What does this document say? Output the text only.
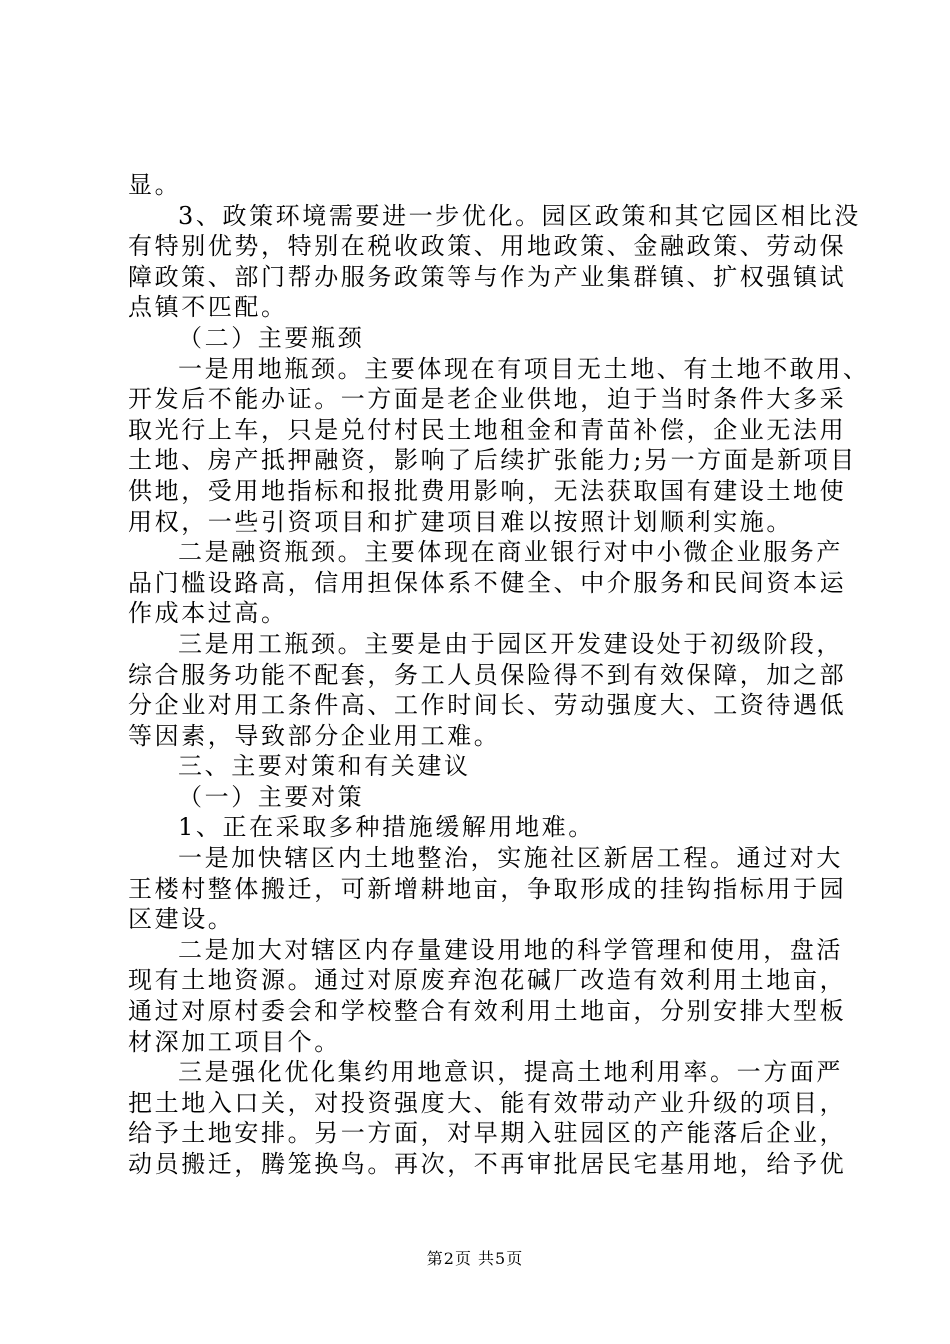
显。
3、政策环境需要进一步优化。园区政策和其它园区相比没
有特别优势，特别在税收政策、用地政策、金融政策、劳动保
障政策、部门帮办服务政策等与作为产业集群镇、扩权强镇试
点镇不匹配。
（二）主要瓶颈
一是用地瓶颈。主要体现在有项目无土地、有土地不敢用、
开发后不能办证。一方面是老企业供地，迫于当时条件大多采
取光行上车，只是兑付村民土地租金和青苗补偿，企业无法用
土地、房产抵押融资，影响了后续扩张能力;另一方面是新项目
供地，受用地指标和报批费用影响，无法获取国有建设土地使
用权，一些引资项目和扩建项目难以按照计划顺利实施。
二是融资瓶颈。主要体现在商业银行对中小微企业服务产
品门槛设路高，信用担保体系不健全、中介服务和民间资本运
作成本过高。
三是用工瓶颈。主要是由于园区开发建设处于初级阶段，
综合服务功能不配套，务工人员保险得不到有效保障，加之部
分企业对用工条件高、工作时间长、劳动强度大、工资待遇低
等因素，导致部分企业用工难。
三、主要对策和有关建议
（一）主要对策
1、正在采取多种措施缓解用地难。
一是加快辖区内土地整治，实施社区新居工程。通过对大
王楼村整体搬迁，可新增耕地亩，争取形成的挂钩指标用于园
区建设。
二是加大对辖区内存量建设用地的科学管理和使用，盘活
现有土地资源。通过对原废弃泡花碱厂改造有效利用土地亩，
通过对原村委会和学校整合有效利用土地亩，分别安排大型板
材深加工项目个。
三是强化优化集约用地意识，提高土地利用率。一方面严
把土地入口关，对投资强度大、能有效带动产业升级的项目，
给予土地安排。另一方面，对早期入驻园区的产能落后企业，
动员搬迁，腾笼换鸟。再次，不再审批居民宅基用地，给予优
第2页 共5页
